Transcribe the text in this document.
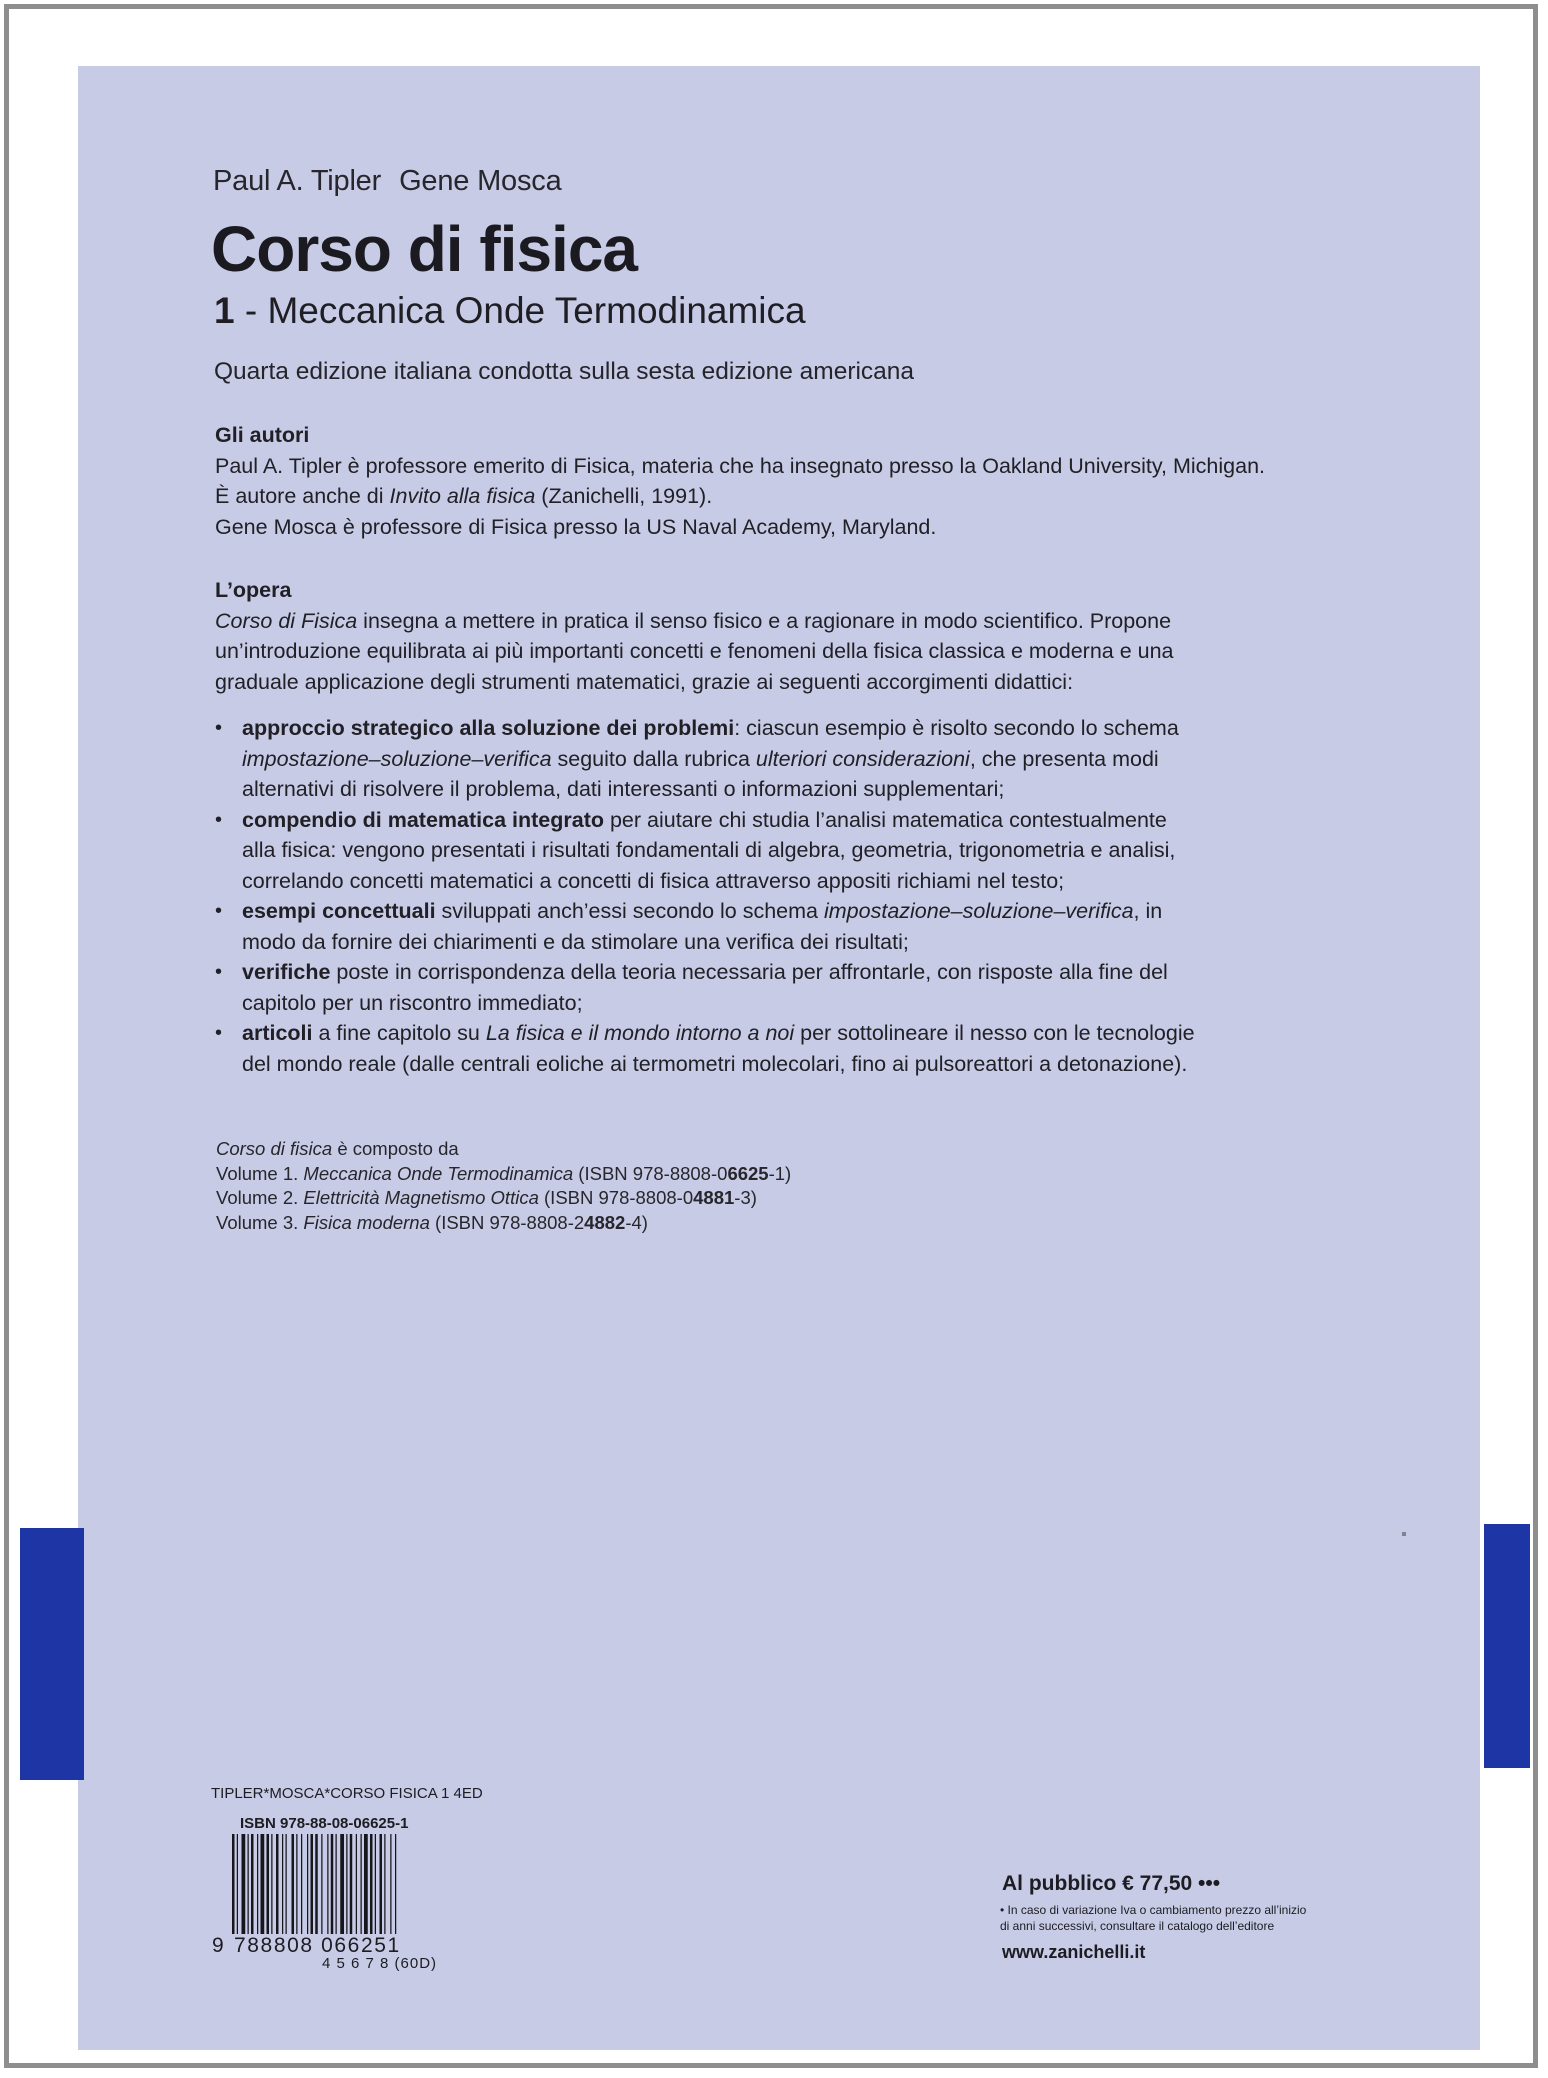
Paul A. Tipler Gene Mosca
Corso di fisica
1 - Meccanica Onde Termodinamica
Quarta edizione italiana condotta sulla sesta edizione americana

Gli autori

Paul A. Tipler è professore emerito di Fisica, materia che ha insegnato presso la Oakland University, Michigan.

È autore anche di Invito alla fisica (Zanichelli, 1991).

Gene Mosca è professore di Fisica presso la US Naval Academy, Maryland.

L’opera

Corso di Fisica insegna a mettere in pratica il senso fisico e a ragionare in modo scientifico. Propone

un’introduzione equilibrata ai più importanti concetti e fenomeni della fisica classica e moderna e una

graduale applicazione degli strumenti matematici, grazie ai seguenti accorgimenti didattici:

• approccio strategico alla soluzione dei problemi: ciascun esempio è risolto secondo lo schema
impostazione–soluzione–verifica seguito dalla rubrica ulteriori considerazioni, che presenta modi
alternativi di risolvere il problema, dati interessanti o informazioni supplementari;
• compendio di matematica integrato per aiutare chi studia l’analisi matematica contestualmente
alla fisica: vengono presentati i risultati fondamentali di algebra, geometria, trigonometria e analisi,
correlando concetti matematici a concetti di fisica attraverso appositi richiami nel testo;
• esempi concettuali sviluppati anch’essi secondo lo schema impostazione–soluzione–verifica, in
modo da fornire dei chiarimenti e da stimolare una verifica dei risultati;
• verifiche poste in corrispondenza della teoria necessaria per affrontarle, con risposte alla fine del
capitolo per un riscontro immediato;
• articoli a fine capitolo su La fisica e il mondo intorno a noi per sottolineare il nesso con le tecnologie
del mondo reale (dalle centrali eoliche ai termometri molecolari, fino ai pulsoreattori a detonazione).

Corso di fisica è composto da

Volume 1. Meccanica Onde Termodinamica (ISBN 978-8808-06625-1)

Volume 2. Elettricità Magnetismo Ottica (ISBN 978-8808-04881-3)

Volume 3. Fisica moderna (ISBN 978-8808-24882-4)

TIPLER*MOSCA*CORSO FISICA 1 4ED
ISBN 978-88-08-06625-1
9 788808 066251
4 5 6 7 8 (60D)
Al pubblico € 77,50 •••
• In caso di variazione Iva o cambiamento prezzo all’inizio
di anni successivi, consultare il catalogo dell’editore
www.zanichelli.it
